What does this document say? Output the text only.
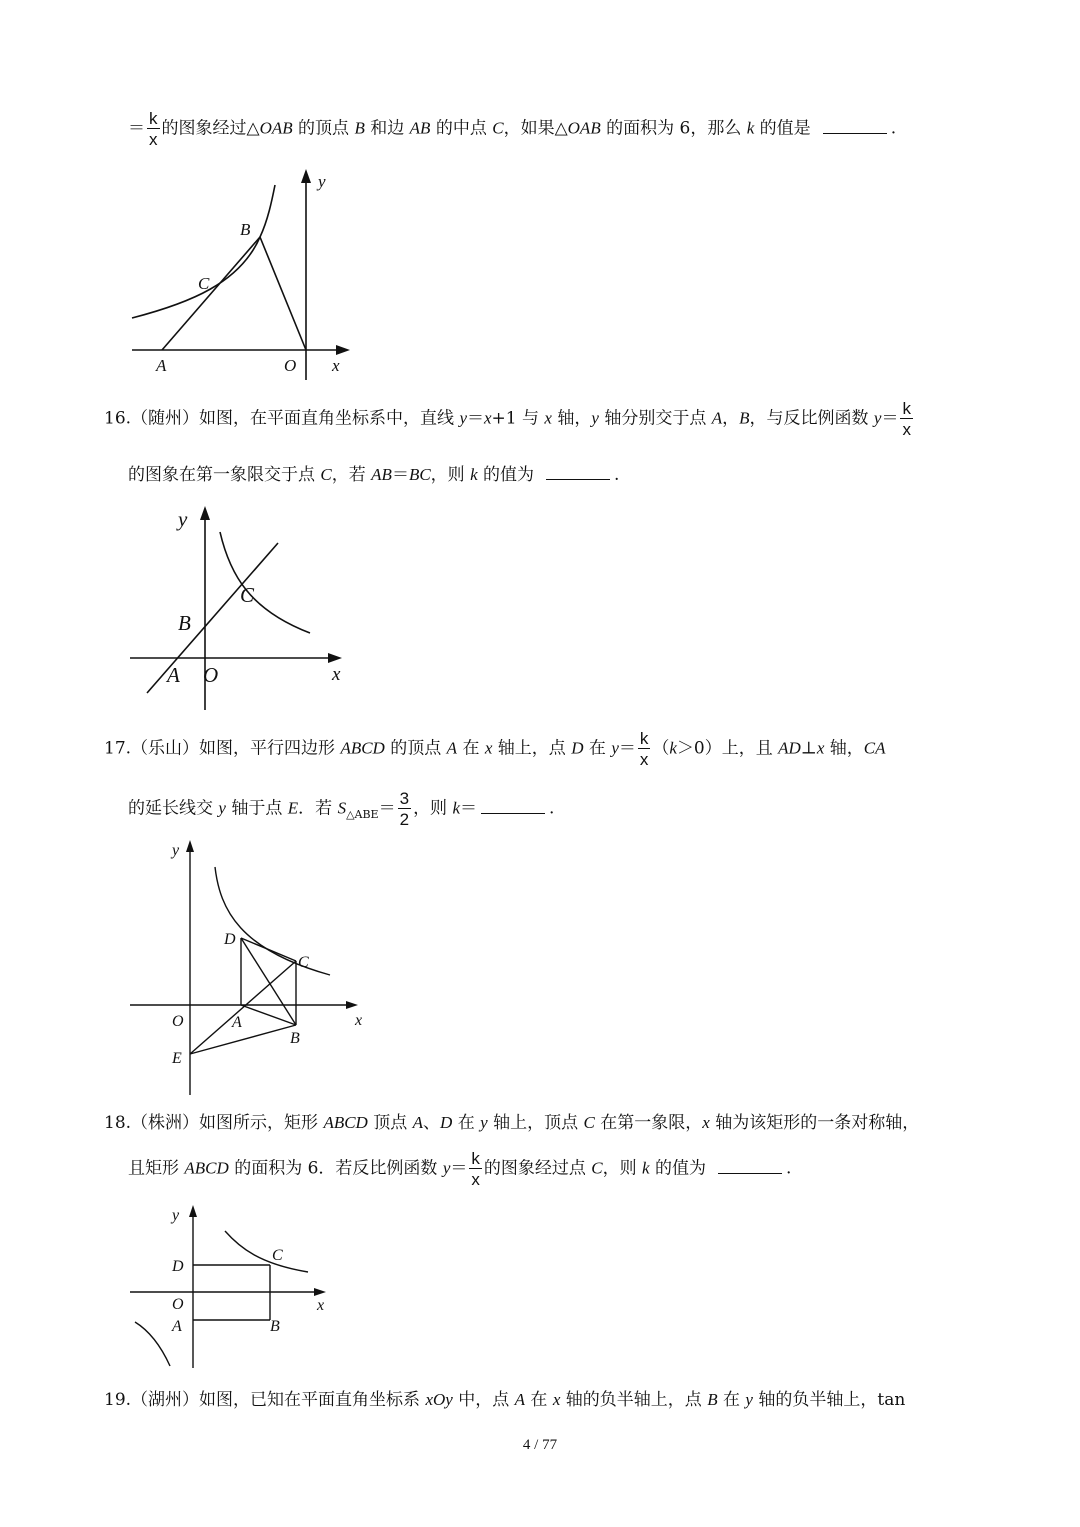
＝ $\frac{k}{x}$ 的图象经过△OAB 的顶点 B 和边 AB 的中点 C，如果△OAB 的面积为 6，那么 k 的值是	.
y
x
A	O
B
C
16.（随州）如图，在平面直角坐标系中，直线 y＝x+1 与 x 轴，y 轴分别交于点 A，B，与反比例函数 $y= \frac{k}{x}$
的图象在第一象限交于点 C，若 AB＝BC，则 k 的值为	.
y
x
A O
B
C
17.（乐山）如图，平行四边形 ABCD 的顶点 A 在 x 轴上，点 D 在 $y= \frac{k}{x} (k>0)$上，且 AD⊥x 轴，CA
的延长线交 y 轴于点 E．若 $S_{\triangle ABE}= \frac{3}{2}$ ，则 k＝	.
y
x
O	A
B
C
D
E
18.（株洲）如图所示，矩形 ABCD 顶点 A、D 在 y 轴上，顶点 C 在第一象限，x 轴为该矩形的一条对称轴，
且矩形 ABCD 的面积为 6．若反比例函数 $y= \frac{k}{x}$ 的图象经过点 C，则 k 的值为	.
y
x
O
A	B
C
D
19.（湖州）如图，已知在平面直角坐标系 xOy 中，点 A 在 x 轴的负半轴上，点 B 在 y 轴的负半轴上，tan
4 / 77
